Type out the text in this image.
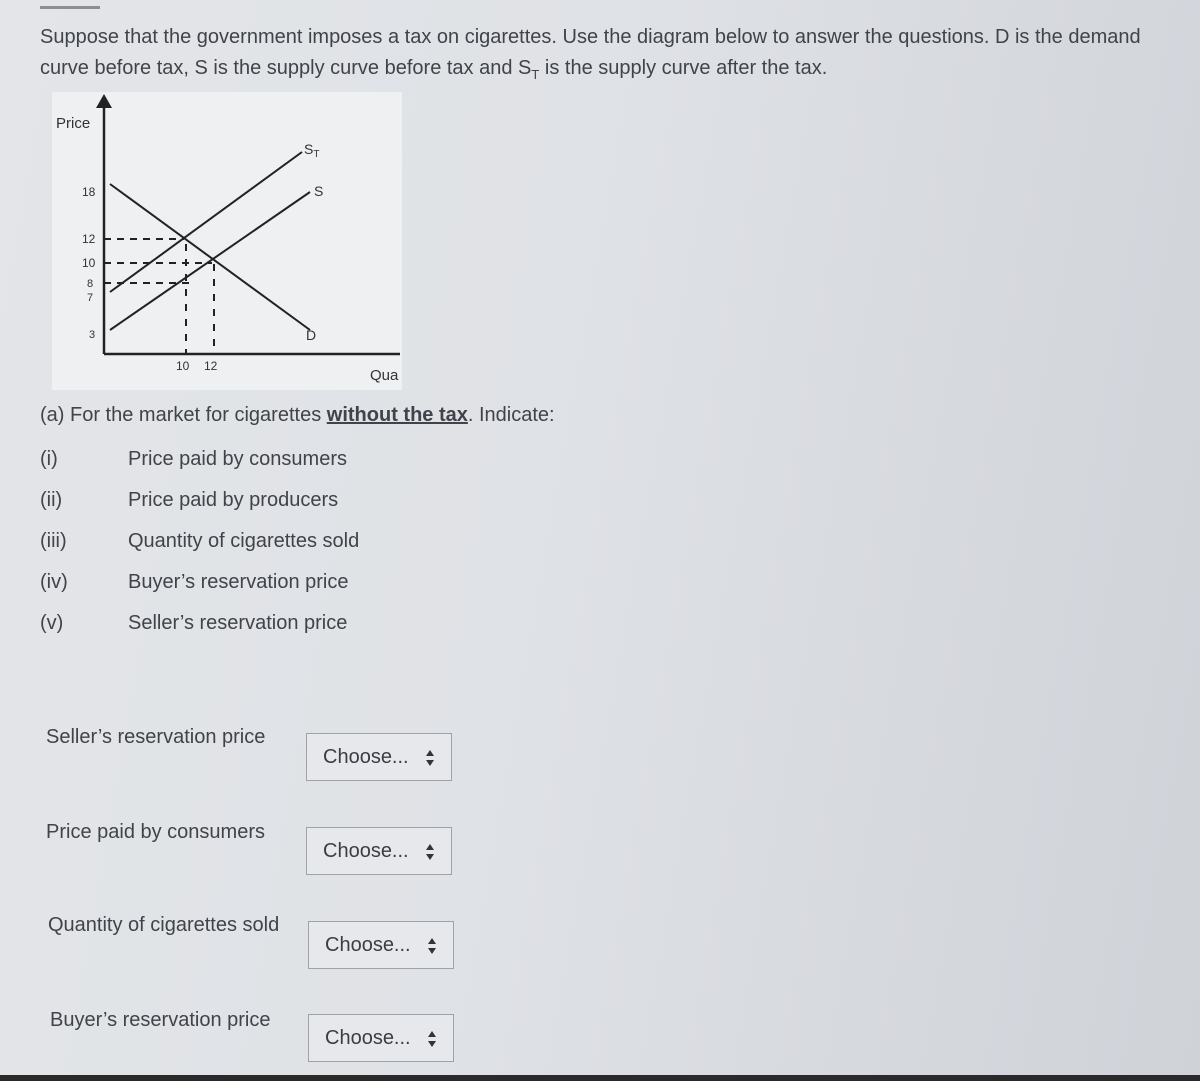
Suppose that the government imposes a tax on cigarettes. Use the diagram below to answer the questions. D is the demand curve before tax, S is the supply curve before tax and $S_T$ is the supply curve after the tax.
Price
Qua
18
12
10
8
7
3
10 12
$S_T$
S
D
(a) For the market for cigarettes without the tax. Indicate:
(i)	Price paid by consumers
(ii)	Price paid by producers
(iii)	Quantity of cigarettes sold
(iv)	Buyer’s reservation price
(v)	Seller’s reservation price
Seller’s reservation price
Choose...
Price paid by consumers
Choose...
Quantity of cigarettes sold
Choose...
Buyer’s reservation price
Choose...
